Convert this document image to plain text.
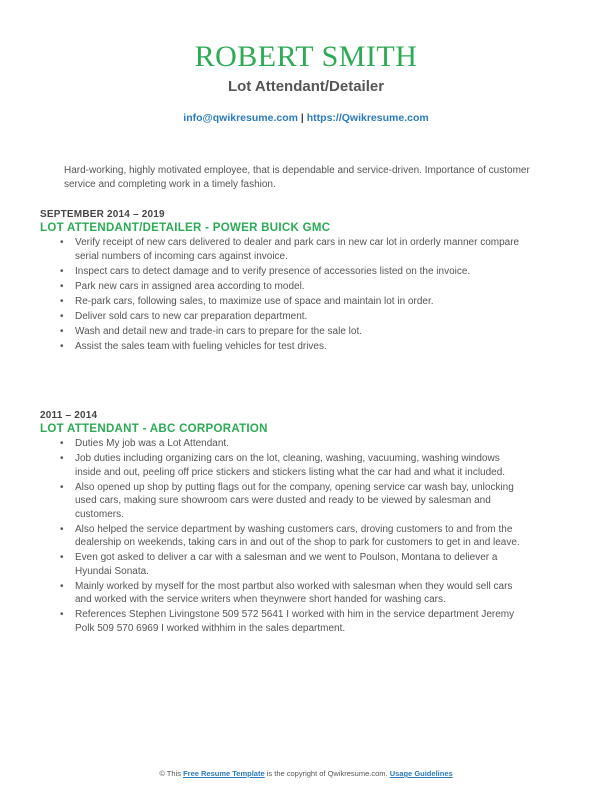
ROBERT SMITH
Lot Attendant/Detailer
info@qwikresume.com | https://Qwikresume.com
Hard-working, highly motivated employee, that is dependable and service-driven. Importance of customer service and completing work in a timely fashion.
SEPTEMBER 2014 – 2019
LOT ATTENDANT/DETAILER - POWER BUICK GMC
• Verify receipt of new cars delivered to dealer and park cars in new car lot in orderly manner compare serial numbers of incoming cars against invoice.
• Inspect cars to detect damage and to verify presence of accessories listed on the invoice.
• Park new cars in assigned area according to model.
• Re-park cars, following sales, to maximize use of space and maintain lot in order.
• Deliver sold cars to new car preparation department.
• Wash and detail new and trade-in cars to prepare for the sale lot.
• Assist the sales team with fueling vehicles for test drives.
2011 – 2014
LOT ATTENDANT - ABC CORPORATION
• Duties My job was a Lot Attendant.
• Job duties including organizing cars on the lot, cleaning, washing, vacuuming, washing windows inside and out, peeling off price stickers and stickers listing what the car had and what it included.
• Also opened up shop by putting flags out for the company, opening service car wash bay, unlocking used cars, making sure showroom cars were dusted and ready to be viewed by salesman and customers.
• Also helped the service department by washing customers cars, droving customers to and from the dealership on weekends, taking cars in and out of the shop to park for customers to get in and leave.
• Even got asked to deliver a car with a salesman and we went to Poulson, Montana to deliever a Hyundai Sonata.
• Mainly worked by myself for the most partbut also worked with salesman when they would sell cars and worked with the service writers when theynwere short handed for washing cars.
• References Stephen Livingstone 509 572 5641 I worked with him in the service department Jeremy Polk 509 570 6969 I worked withhim in the sales department.
© This Free Resume Template is the copyright of Qwikresume.com. Usage Guidelines
